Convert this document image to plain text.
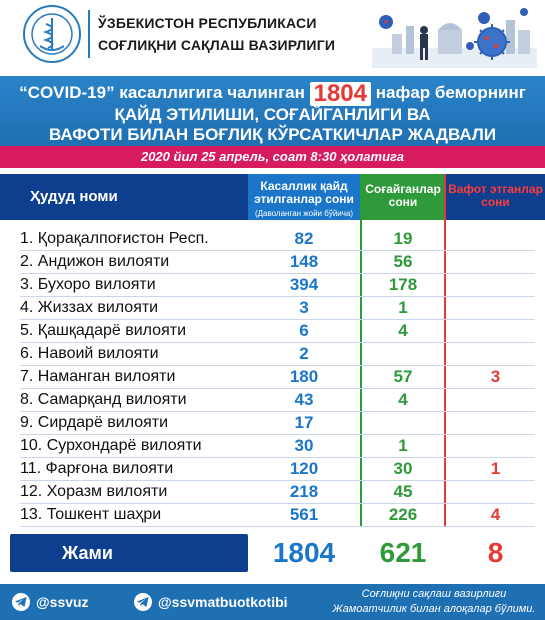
ЎЗБЕКИСТОН РЕСПУБЛИКАСИ
СОҒЛИҚНИ САҚЛАШ ВАЗИРЛИГИ
“COVID-19” касаллигига чалинган 1804 нафар беморнинг
ҚАЙД ЭТИЛИШИ, СОҒАЙГАНЛИГИ ВА
ВАФОТИ БИЛАН БОҒЛИҚ КЎРСАТКИЧЛАР ЖАДВАЛИ
2020 йил 25 апрель, соат 8:30 ҳолатига
Ҳудуд номи
Касаллик қайд этилганлар сони
(Даволанган жойи бўйича)
Соғайганлар сони
Вафот этганлар сони
1. Қорақалпоғистон Респ.	82	19
2. Андижон вилояти	148	56
3. Бухоро вилояти	394	178
4. Жиззах вилояти	3	1
5. Қашқадарё вилояти	6	4
6. Навоий вилояти	2
7. Наманган вилояти	180	57	3
8. Самарқанд вилояти	43	4
9. Сирдарё вилояти	17
10. Сурхондарё вилояти	30	1
11. Фарғона вилояти	120	30	1
12. Хоразм вилояти	218	45
13. Тошкент шаҳри	561	226	4
Жами	1804	621	8
@ssvuz	@ssvmatbuotkotibi	Соғлиқни сақлаш вазирлиги
Жамоатчилик билан алоқалар бўлими.
